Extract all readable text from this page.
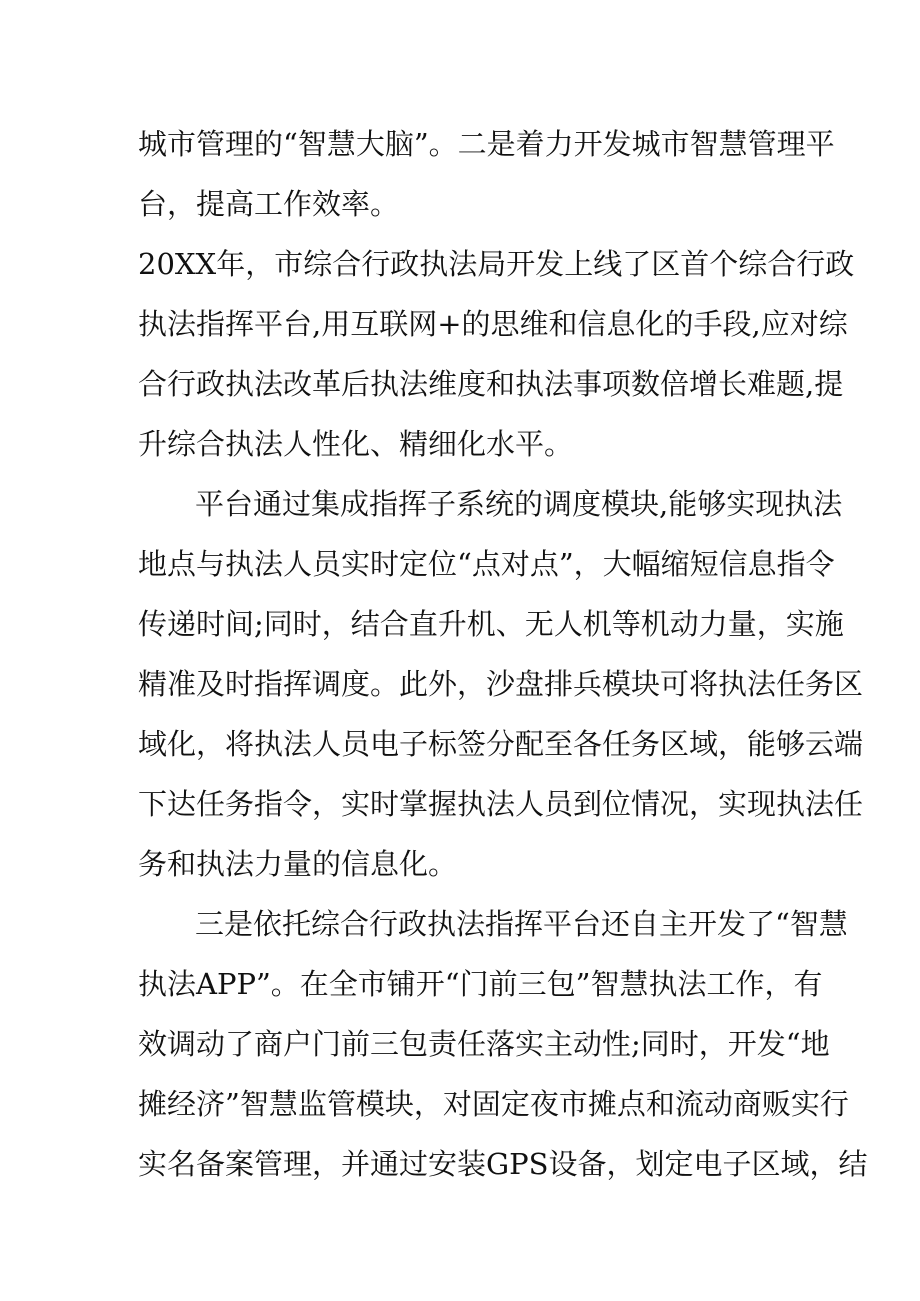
城市管理的“智慧大脑”。二是着力开发城市智慧管理平
台，提高工作效率。
20XX年，市综合行政执法局开发上线了区首个综合行政
执法指挥平台,用互联网+的思维和信息化的手段,应对综
合行政执法改革后执法维度和执法事项数倍增长难题,提
升综合执法人性化、精细化水平。
平台通过集成指挥子系统的调度模块,能够实现执法
地点与执法人员实时定位“点对点”，大幅缩短信息指令
传递时间;同时，结合直升机、无人机等机动力量，实施
精准及时指挥调度。此外，沙盘排兵模块可将执法任务区
域化，将执法人员电子标签分配至各任务区域，能够云端
下达任务指令，实时掌握执法人员到位情况，实现执法任
务和执法力量的信息化。
三是依托综合行政执法指挥平台还自主开发了“智慧
执法APP”。在全市铺开“门前三包”智慧执法工作，有
效调动了商户门前三包责任落实主动性;同时，开发“地
摊经济”智慧监管模块，对固定夜市摊点和流动商贩实行
实名备案管理，并通过安装GPS设备，划定电子区域，结
